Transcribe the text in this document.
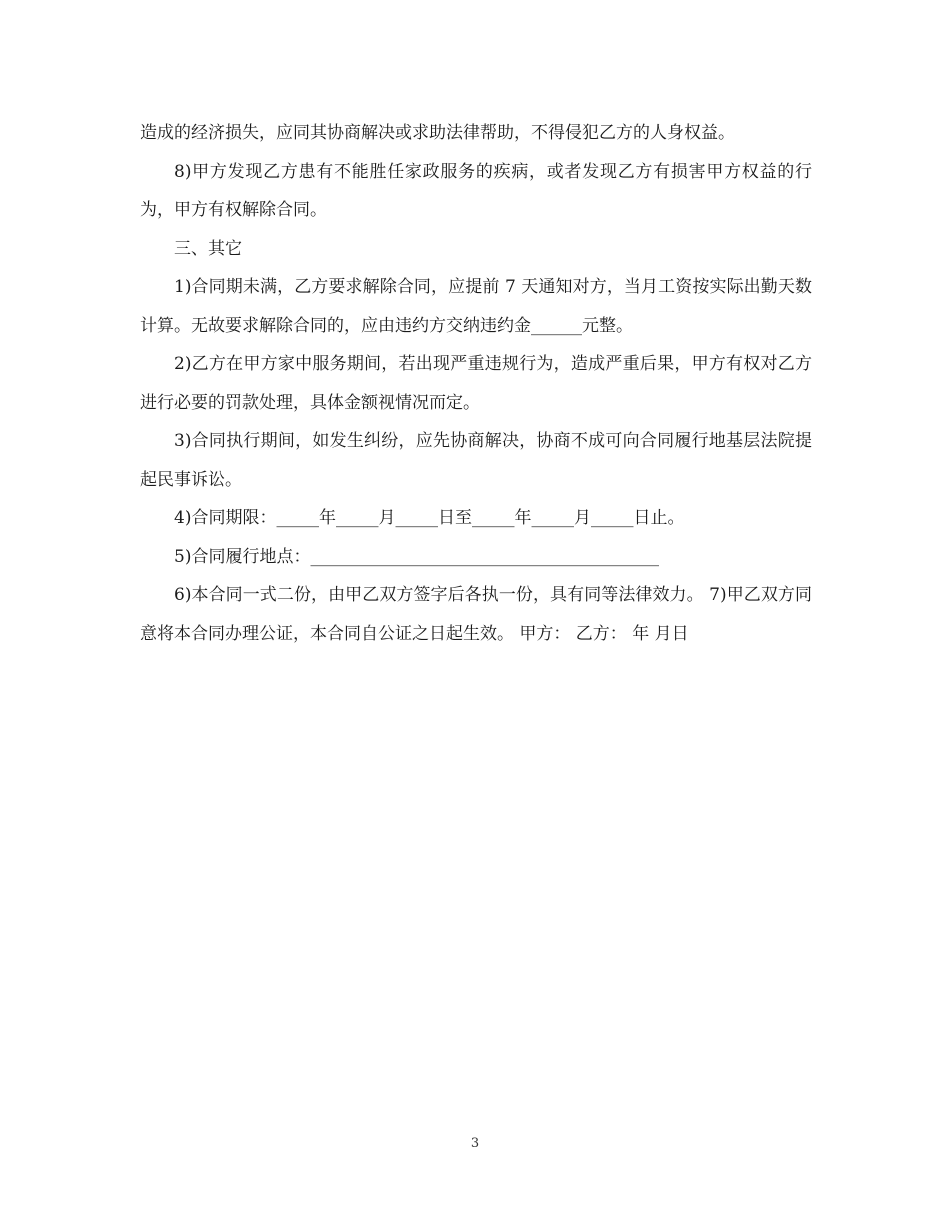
造成的经济损失，应同其协商解决或求助法律帮助，不得侵犯乙方的人身权益。

8)甲方发现乙方患有不能胜任家政服务的疾病，或者发现乙方有损害甲方权益的行为，甲方有权解除合同。

三、其它

1)合同期未满，乙方要求解除合同，应提前 7 天通知对方，当月工资按实际出勤天数计算。无故要求解除合同的，应由违约方交纳违约金______元整。

2)乙方在甲方家中服务期间，若出现严重违规行为，造成严重后果，甲方有权对乙方进行必要的罚款处理，具体金额视情况而定。

3)合同执行期间，如发生纠纷，应先协商解决，协商不成可向合同履行地基层法院提起民事诉讼。

4)合同期限：_____年_____月_____日至_____年_____月_____日止。

5)合同履行地点：_________________________________________

6)本合同一式二份，由甲乙双方签字后各执一份，具有同等法律效力。 7)甲乙双方同意将本合同办理公证，本合同自公证之日起生效。 甲方： 乙方： 年 月日

3
